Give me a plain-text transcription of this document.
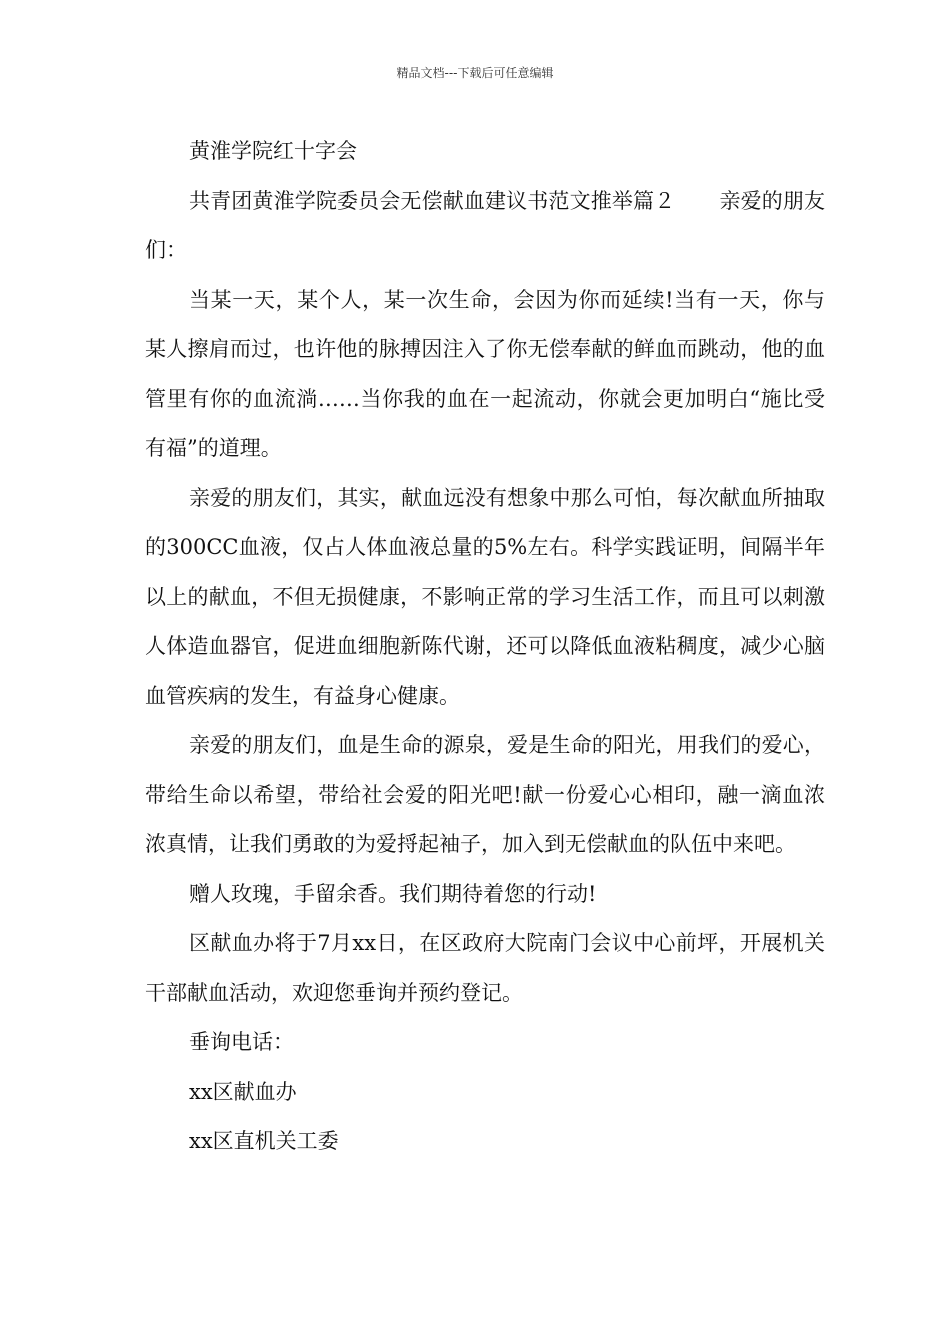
精品文档---下载后可任意编辑

黄淮学院红十字会

共青团黄淮学院委员会无偿献血建议书范文推举篇２ 亲爱的朋友们：

当某一天，某个人，某一次生命，会因为你而延续!当有一天，你与某人擦肩而过，也许他的脉搏因注入了你无偿奉献的鲜血而跳动，他的血管里有你的血流淌……当你我的血在一起流动，你就会更加明白“施比受有福”的道理。

亲爱的朋友们，其实，献血远没有想象中那么可怕，每次献血所抽取的300CC血液，仅占人体血液总量的5%左右。科学实践证明，间隔半年以上的献血，不但无损健康，不影响正常的学习生活工作，而且可以刺激人体造血器官，促进血细胞新陈代谢，还可以降低血液粘稠度，减少心脑血管疾病的发生，有益身心健康。

亲爱的朋友们，血是生命的源泉，爱是生命的阳光，用我们的爱心，带给生命以希望，带给社会爱的阳光吧!献一份爱心心相印，融一滴血浓浓真情，让我们勇敢的为爱捋起袖子，加入到无偿献血的队伍中来吧。

赠人玫瑰，手留余香。我们期待着您的行动!

区献血办将于7月xx日，在区政府大院南门会议中心前坪，开展机关干部献血活动，欢迎您垂询并预约登记。

垂询电话：

xx区献血办

xx区直机关工委
